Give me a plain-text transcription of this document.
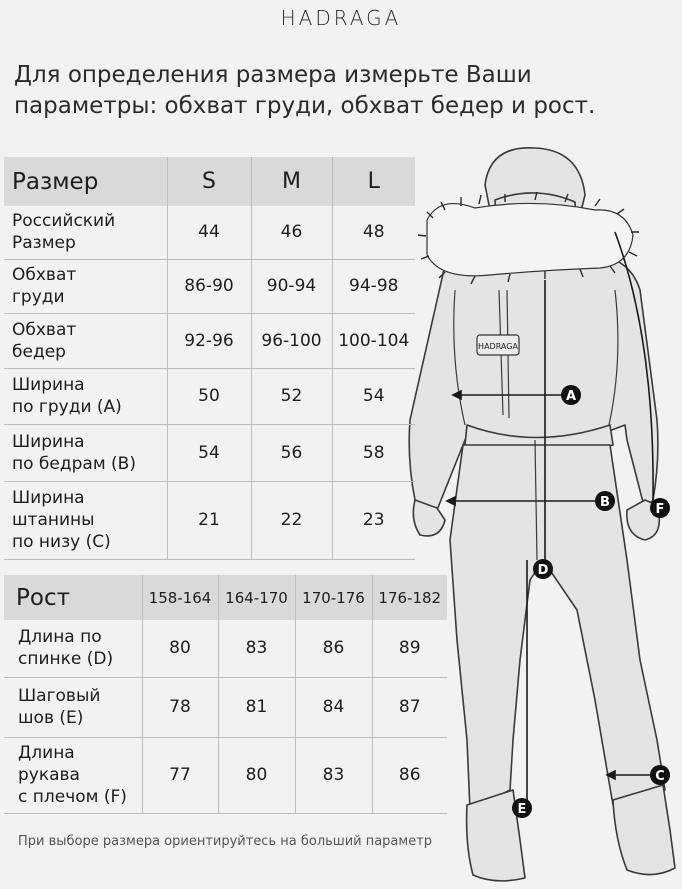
HADRAGA
Для определения размера измерьте Ваши параметры: обхват груди, обхват бедер и рост.
HADRAGA
A
B
C
D
E
F
Размер	S	M	L

Российский
Размер	44	46	48

Обхват
груди	86-90	90-94	94-98

Обхват
бедер	92-96	96-100	100-104

Ширина
по груди (A)	50	52	54

Ширина
по бедрам (B)	54	56	58

Ширина
штанины
по низу (C)	21	22	23
Рост	158-164	164-170	170-176	176-182

Длина по
спинке (D)	80	83	86	89

Шаговый
шов (E)	78	81	84	87

Длина
рукава
с плечом (F)	77	80	83	86
При выборе размера ориентируйтесь на больший параметр
